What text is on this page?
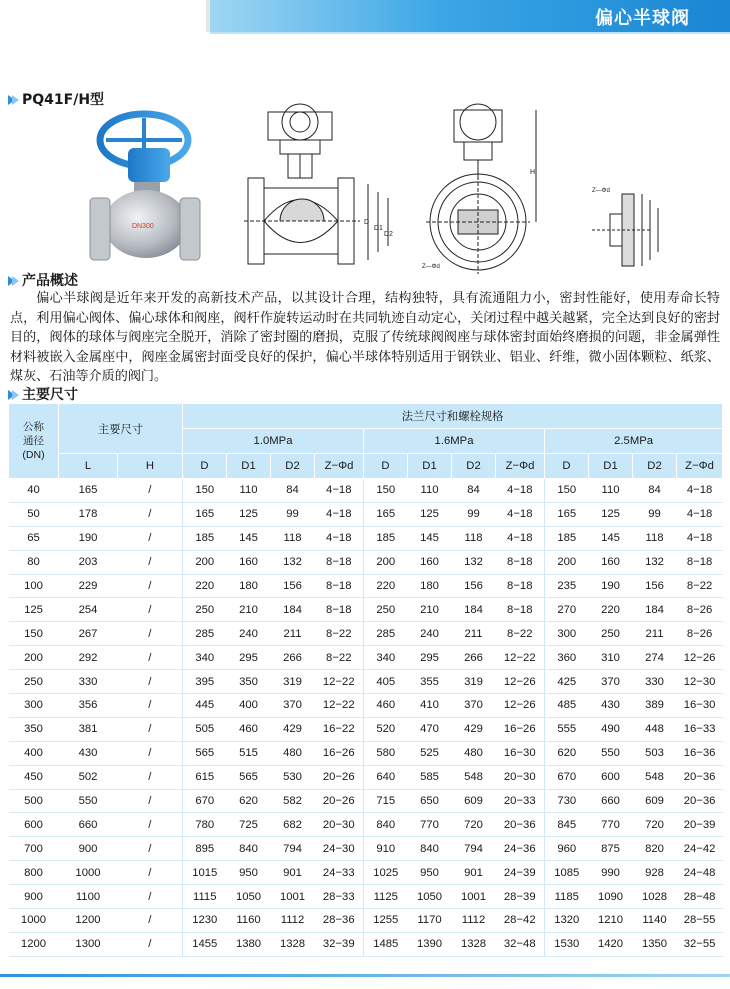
偏心半球阀
PQ41F/H型
DN300
D
D1
D2
H
Z—Φd
Z—Φd
产品概述

偏心半球阀是近年来开发的高新技术产品，以其设计合理，结构独特，具有流通阻力小，密封性能好，使用寿命长特点，利用偏心阀体、偏心球体和阀座，阀杆作旋转运动时在共同轨迹自动定心，关闭过程中越关越紧，完全达到良好的密封目的，阀体的球体与阀座完全脱开，消除了密封圈的磨损，克服了传统球阀阀座与球体密封面始终磨损的问题，非金属弹性材料被嵌入金属座中，阀座金属密封面受良好的保护，偏心半球体特别适用于钢铁业、铝业、纤维，微小固体颗粒、纸浆、煤灰、石油等介质的阀门。

主要尺寸
公称
通径
(DN)	主要尺寸		法兰尺寸和螺栓规格											
			1.0MPa				1.6MPa				2.5MPa			
	L	H	D	D1	D2	Z−Φd	D	D1	D2	Z−Φd	D	D1	D2	Z−Φd
40	165	/	150	110	84	4−18	150	110	84	4−18	150	110	84	4−18
50	178	/	165	125	99	4−18	165	125	99	4−18	165	125	99	4−18
65	190	/	185	145	118	4−18	185	145	118	4−18	185	145	118	4−18
80	203	/	200	160	132	8−18	200	160	132	8−18	200	160	132	8−18
100	229	/	220	180	156	8−18	220	180	156	8−18	235	190	156	8−22
125	254	/	250	210	184	8−18	250	210	184	8−18	270	220	184	8−26
150	267	/	285	240	211	8−22	285	240	211	8−22	300	250	211	8−26
200	292	/	340	295	266	8−22	340	295	266	12−22	360	310	274	12−26
250	330	/	395	350	319	12−22	405	355	319	12−26	425	370	330	12−30
300	356	/	445	400	370	12−22	460	410	370	12−26	485	430	389	16−30
350	381	/	505	460	429	16−22	520	470	429	16−26	555	490	448	16−33
400	430	/	565	515	480	16−26	580	525	480	16−30	620	550	503	16−36
450	502	/	615	565	530	20−26	640	585	548	20−30	670	600	548	20−36
500	550	/	670	620	582	20−26	715	650	609	20−33	730	660	609	20−36
600	660	/	780	725	682	20−30	840	770	720	20−36	845	770	720	20−39
700	900	/	895	840	794	24−30	910	840	794	24−36	960	875	820	24−42
800	1000	/	1015	950	901	24−33	1025	950	901	24−39	1085	990	928	24−48
900	1100	/	1115	1050	1001	28−33	1125	1050	1001	28−39	1185	1090	1028	28−48
1000	1200	/	1230	1160	1112	28−36	1255	1170	1112	28−42	1320	1210	1140	28−55
1200	1300	/	1455	1380	1328	32−39	1485	1390	1328	32−48	1530	1420	1350	32−55
